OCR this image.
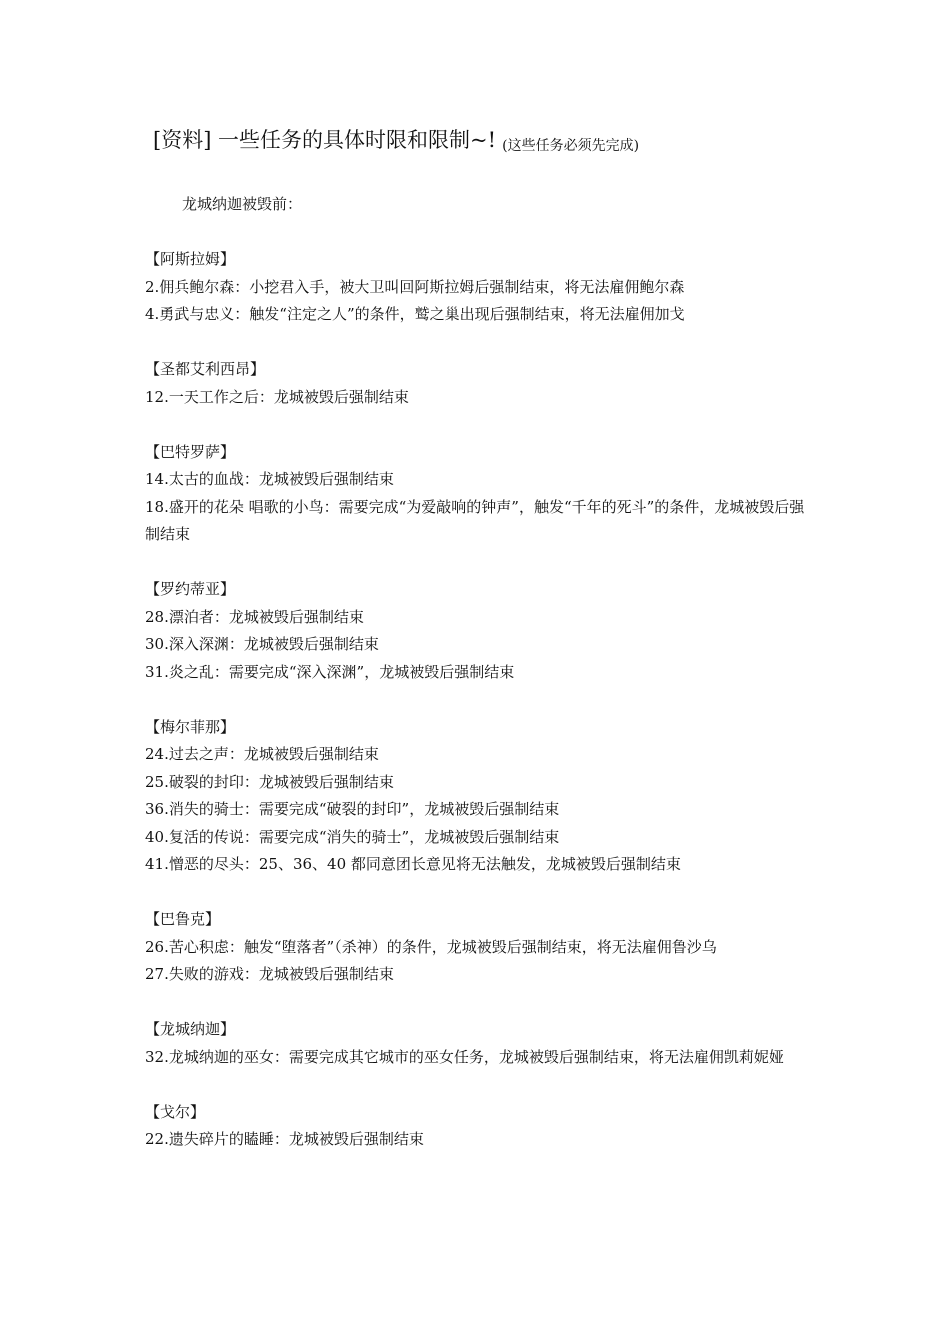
[资料] 一些任务的具体时限和限制~! (这些任务必须先完成)
龙城纳迦被毁前：
【阿斯拉姆】
2.佣兵鲍尔森：小挖君入手，被大卫叫回阿斯拉姆后强制结束，将无法雇佣鲍尔森
4.勇武与忠义：触发“注定之人”的条件，鹫之巢出现后强制结束，将无法雇佣加戈
【圣都艾利西昂】
12.一天工作之后：龙城被毁后强制结束
【巴特罗萨】
14.太古的血战：龙城被毁后强制结束
18.盛开的花朵 唱歌的小鸟：需要完成“为爱敲响的钟声”，触发“千年的死斗”的条件，龙城被毁后强制结束
【罗约蒂亚】
28.漂泊者：龙城被毁后强制结束
30.深入深渊：龙城被毁后强制结束
31.炎之乱：需要完成“深入深渊”，龙城被毁后强制结束
【梅尔菲那】
24.过去之声：龙城被毁后强制结束
25.破裂的封印：龙城被毁后强制结束
36.消失的骑士：需要完成“破裂的封印”，龙城被毁后强制结束
40.复活的传说：需要完成“消失的骑士”，龙城被毁后强制结束
41.憎恶的尽头：25、36、40 都同意团长意见将无法触发，龙城被毁后强制结束
【巴鲁克】
26.苦心积虑：触发“堕落者”（杀神）的条件，龙城被毁后强制结束，将无法雇佣鲁沙乌
27.失败的游戏：龙城被毁后强制结束
【龙城纳迦】
32.龙城纳迦的巫女：需要完成其它城市的巫女任务，龙城被毁后强制结束，将无法雇佣凯莉妮娅
【戈尔】
22.遗失碎片的瞌睡：龙城被毁后强制结束
